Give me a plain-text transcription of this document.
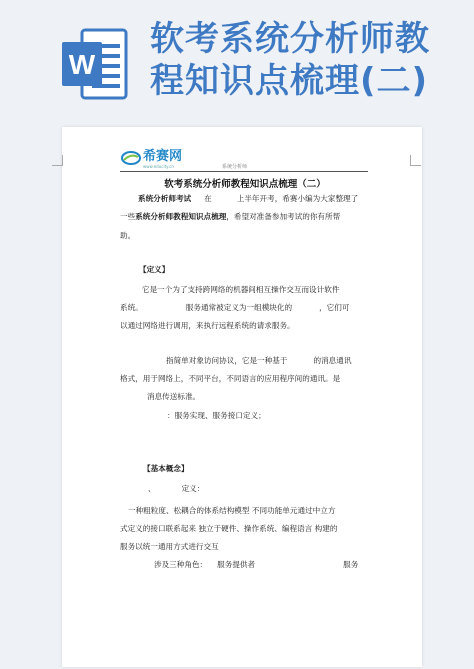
W
软考系统分析师教
程知识点梳理(二)
希赛网
www.educity.cn	系统分析师
软考系统分析师教程知识点梳理（二）
系统分析师考试 在	上半年开考，希赛小编为大家整理了
一些系统分析师教程知识点梳理，希望对准备参加考试的你有所帮
助。
【定义】
它是一个为了支持跨网络的机器间相互操作交互而设计软件
系统。	服务通常被定义为一组模块化的	，它们可
以通过网络进行调用，来执行远程系统的请求服务。
指简单对象访问协议，它是一种基于	的消息通讯
格式，用于网络上，不同平台，不同语言的应用程序间的通讯。是
消息传送标准。
：服务实现、服务接口定义；
【基本概念】
、	定义：
一种粗粒度、松耦合的体系结构模型 不同功能单元通过中立方
式定义的接口联系起来 独立于硬件、操作系统、编程语言 构建的
服务以统一通用方式进行交互
涉及三种角色： 服务提供者	服务
